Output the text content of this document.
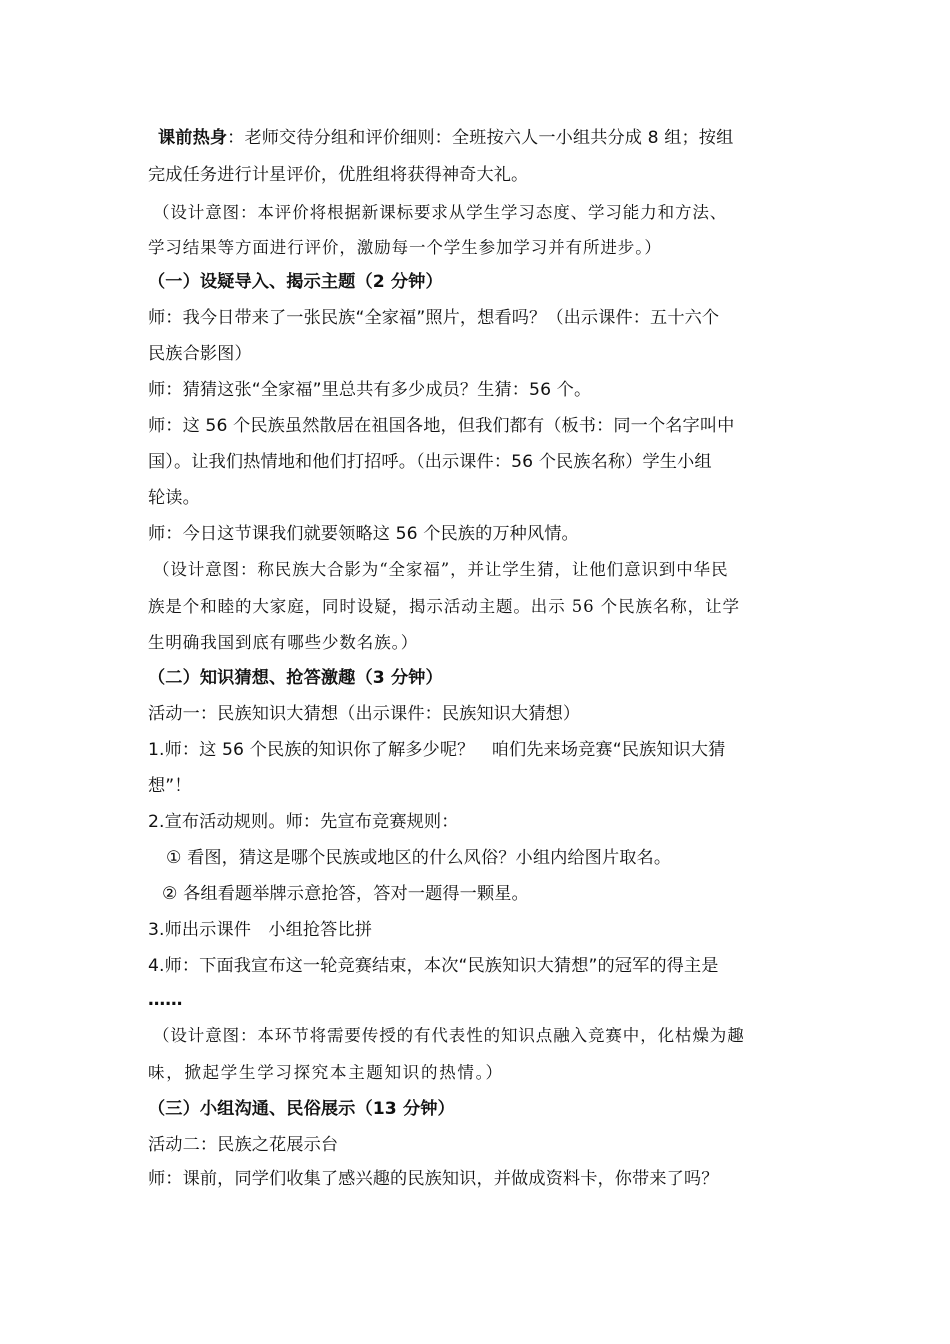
课前热身：老师交待分组和评价细则：全班按六人一小组共分成 8 组；按组
完成任务进行计星评价，优胜组将获得神奇大礼。
（设计意图：本评价将根据新课标要求从学生学习态度、学习能力和方法、
学习结果等方面进行评价，激励每一个学生参加学习并有所进步。）
（一）设疑导入、揭示主题（2 分钟）
师：我今日带来了一张民族“全家福”照片，想看吗？（出示课件：五十六个
民族合影图）
师：猜猜这张“全家福”里总共有多少成员？生猜：56 个。
师：这 56 个民族虽然散居在祖国各地，但我们都有（板书：同一个名字叫中
国）。让我们热情地和他们打招呼。（出示课件：56 个民族名称）学生小组
轮读。
师：今日这节课我们就要领略这 56 个民族的万种风情。
（设计意图：称民族大合影为“全家福”，并让学生猜，让他们意识到中华民
族是个和睦的大家庭，同时设疑，揭示活动主题。出示 56 个民族名称，让学
生明确我国到底有哪些少数名族。）
（二）知识猜想、抢答激趣（3 分钟）
活动一：民族知识大猜想（出示课件：民族知识大猜想）
1.师：这 56 个民族的知识你了解多少呢？　咱们先来场竞赛“民族知识大猜
想”！
2.宣布活动规则。师：先宣布竞赛规则：
① 看图，猜这是哪个民族或地区的什么风俗？小组内给图片取名。
② 各组看题举牌示意抢答，答对一题得一颗星。
3.师出示课件　小组抢答比拼
4.师：下面我宣布这一轮竞赛结束，本次“民族知识大猜想”的冠军的得主是
……
（设计意图：本环节将需要传授的有代表性的知识点融入竞赛中，化枯燥为趣
味，掀起学生学习探究本主题知识的热情。）
（三）小组沟通、民俗展示（13 分钟）
活动二：民族之花展示台
师：课前，同学们收集了感兴趣的民族知识，并做成资料卡，你带来了吗？
